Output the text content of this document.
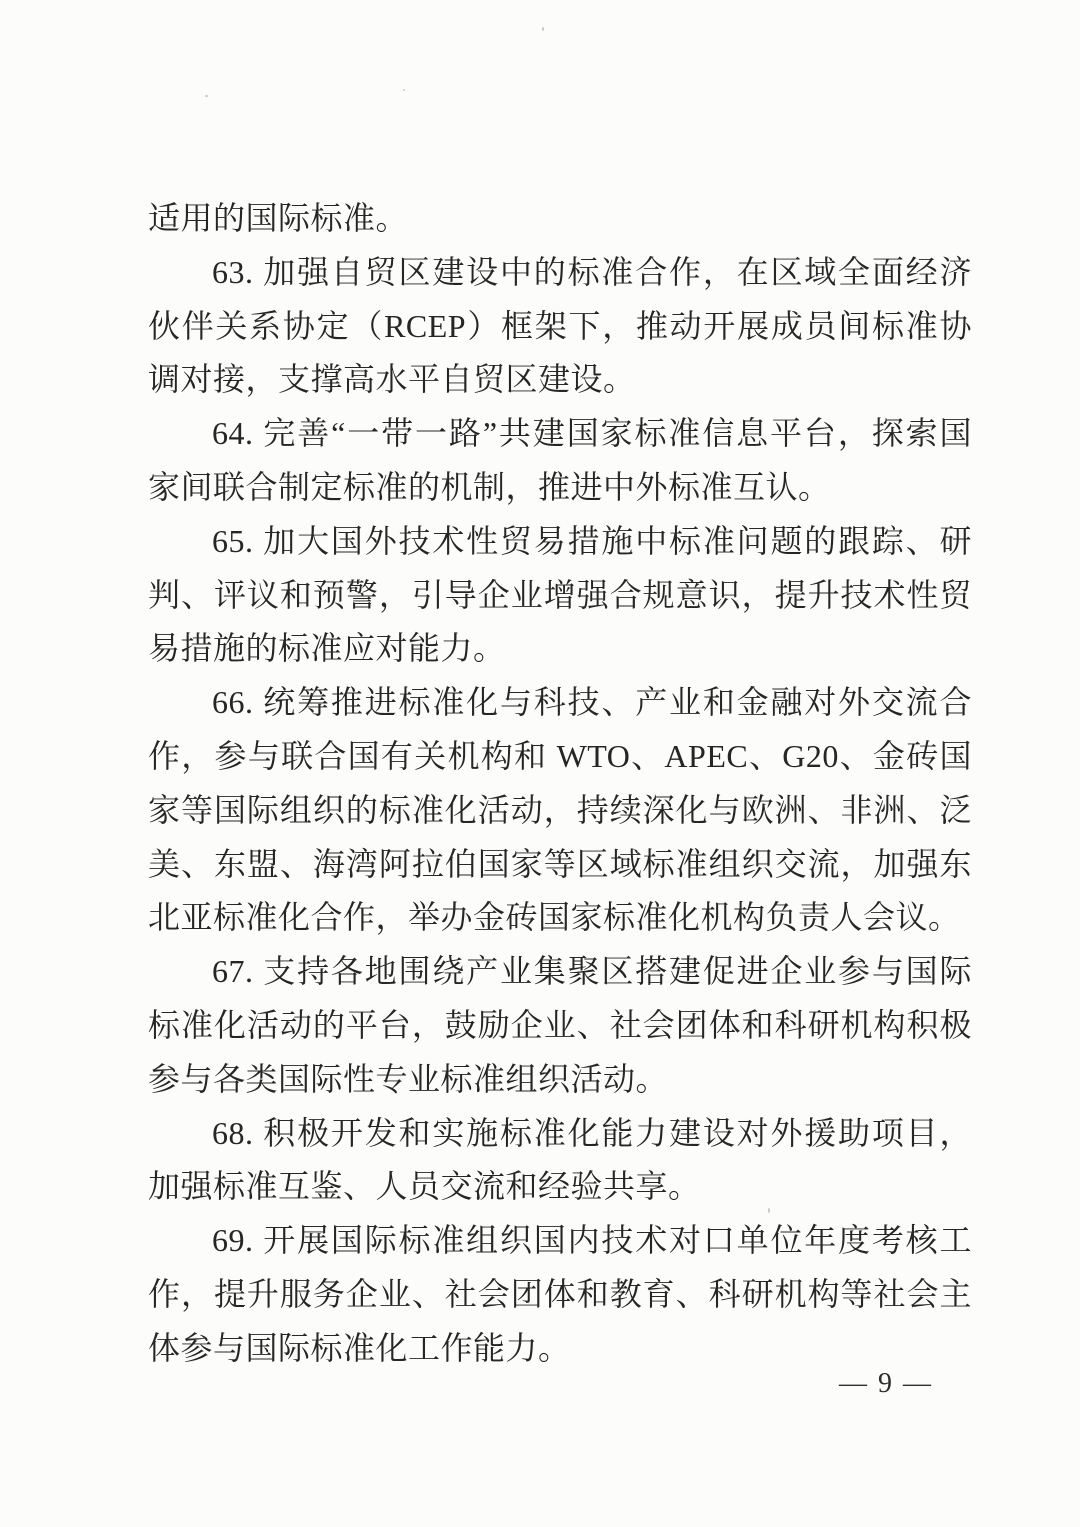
适用的国际标准。

63. 加强自贸区建设中的标准合作，在区域全面经济伙伴关系协定（RCEP）框架下，推动开展成员间标准协调对接，支撑高水平自贸区建设。

64. 完善“一带一路”共建国家标准信息平台，探索国家间联合制定标准的机制，推进中外标准互认。

65. 加大国外技术性贸易措施中标准问题的跟踪、研判、评议和预警，引导企业增强合规意识，提升技术性贸易措施的标准应对能力。

66. 统筹推进标准化与科技、产业和金融对外交流合作，参与联合国有关机构和 WTO、APEC、G20、金砖国家等国际组织的标准化活动，持续深化与欧洲、非洲、泛美、东盟、海湾阿拉伯国家等区域标准组织交流，加强东北亚标准化合作，举办金砖国家标准化机构负责人会议。

67. 支持各地围绕产业集聚区搭建促进企业参与国际标准化活动的平台，鼓励企业、社会团体和科研机构积极参与各类国际性专业标准组织活动。

68. 积极开发和实施标准化能力建设对外援助项目，加强标准互鉴、人员交流和经验共享。

69. 开展国际标准组织国内技术对口单位年度考核工作，提升服务企业、社会团体和教育、科研机构等社会主体参与国际标准化工作能力。

— 9 —
